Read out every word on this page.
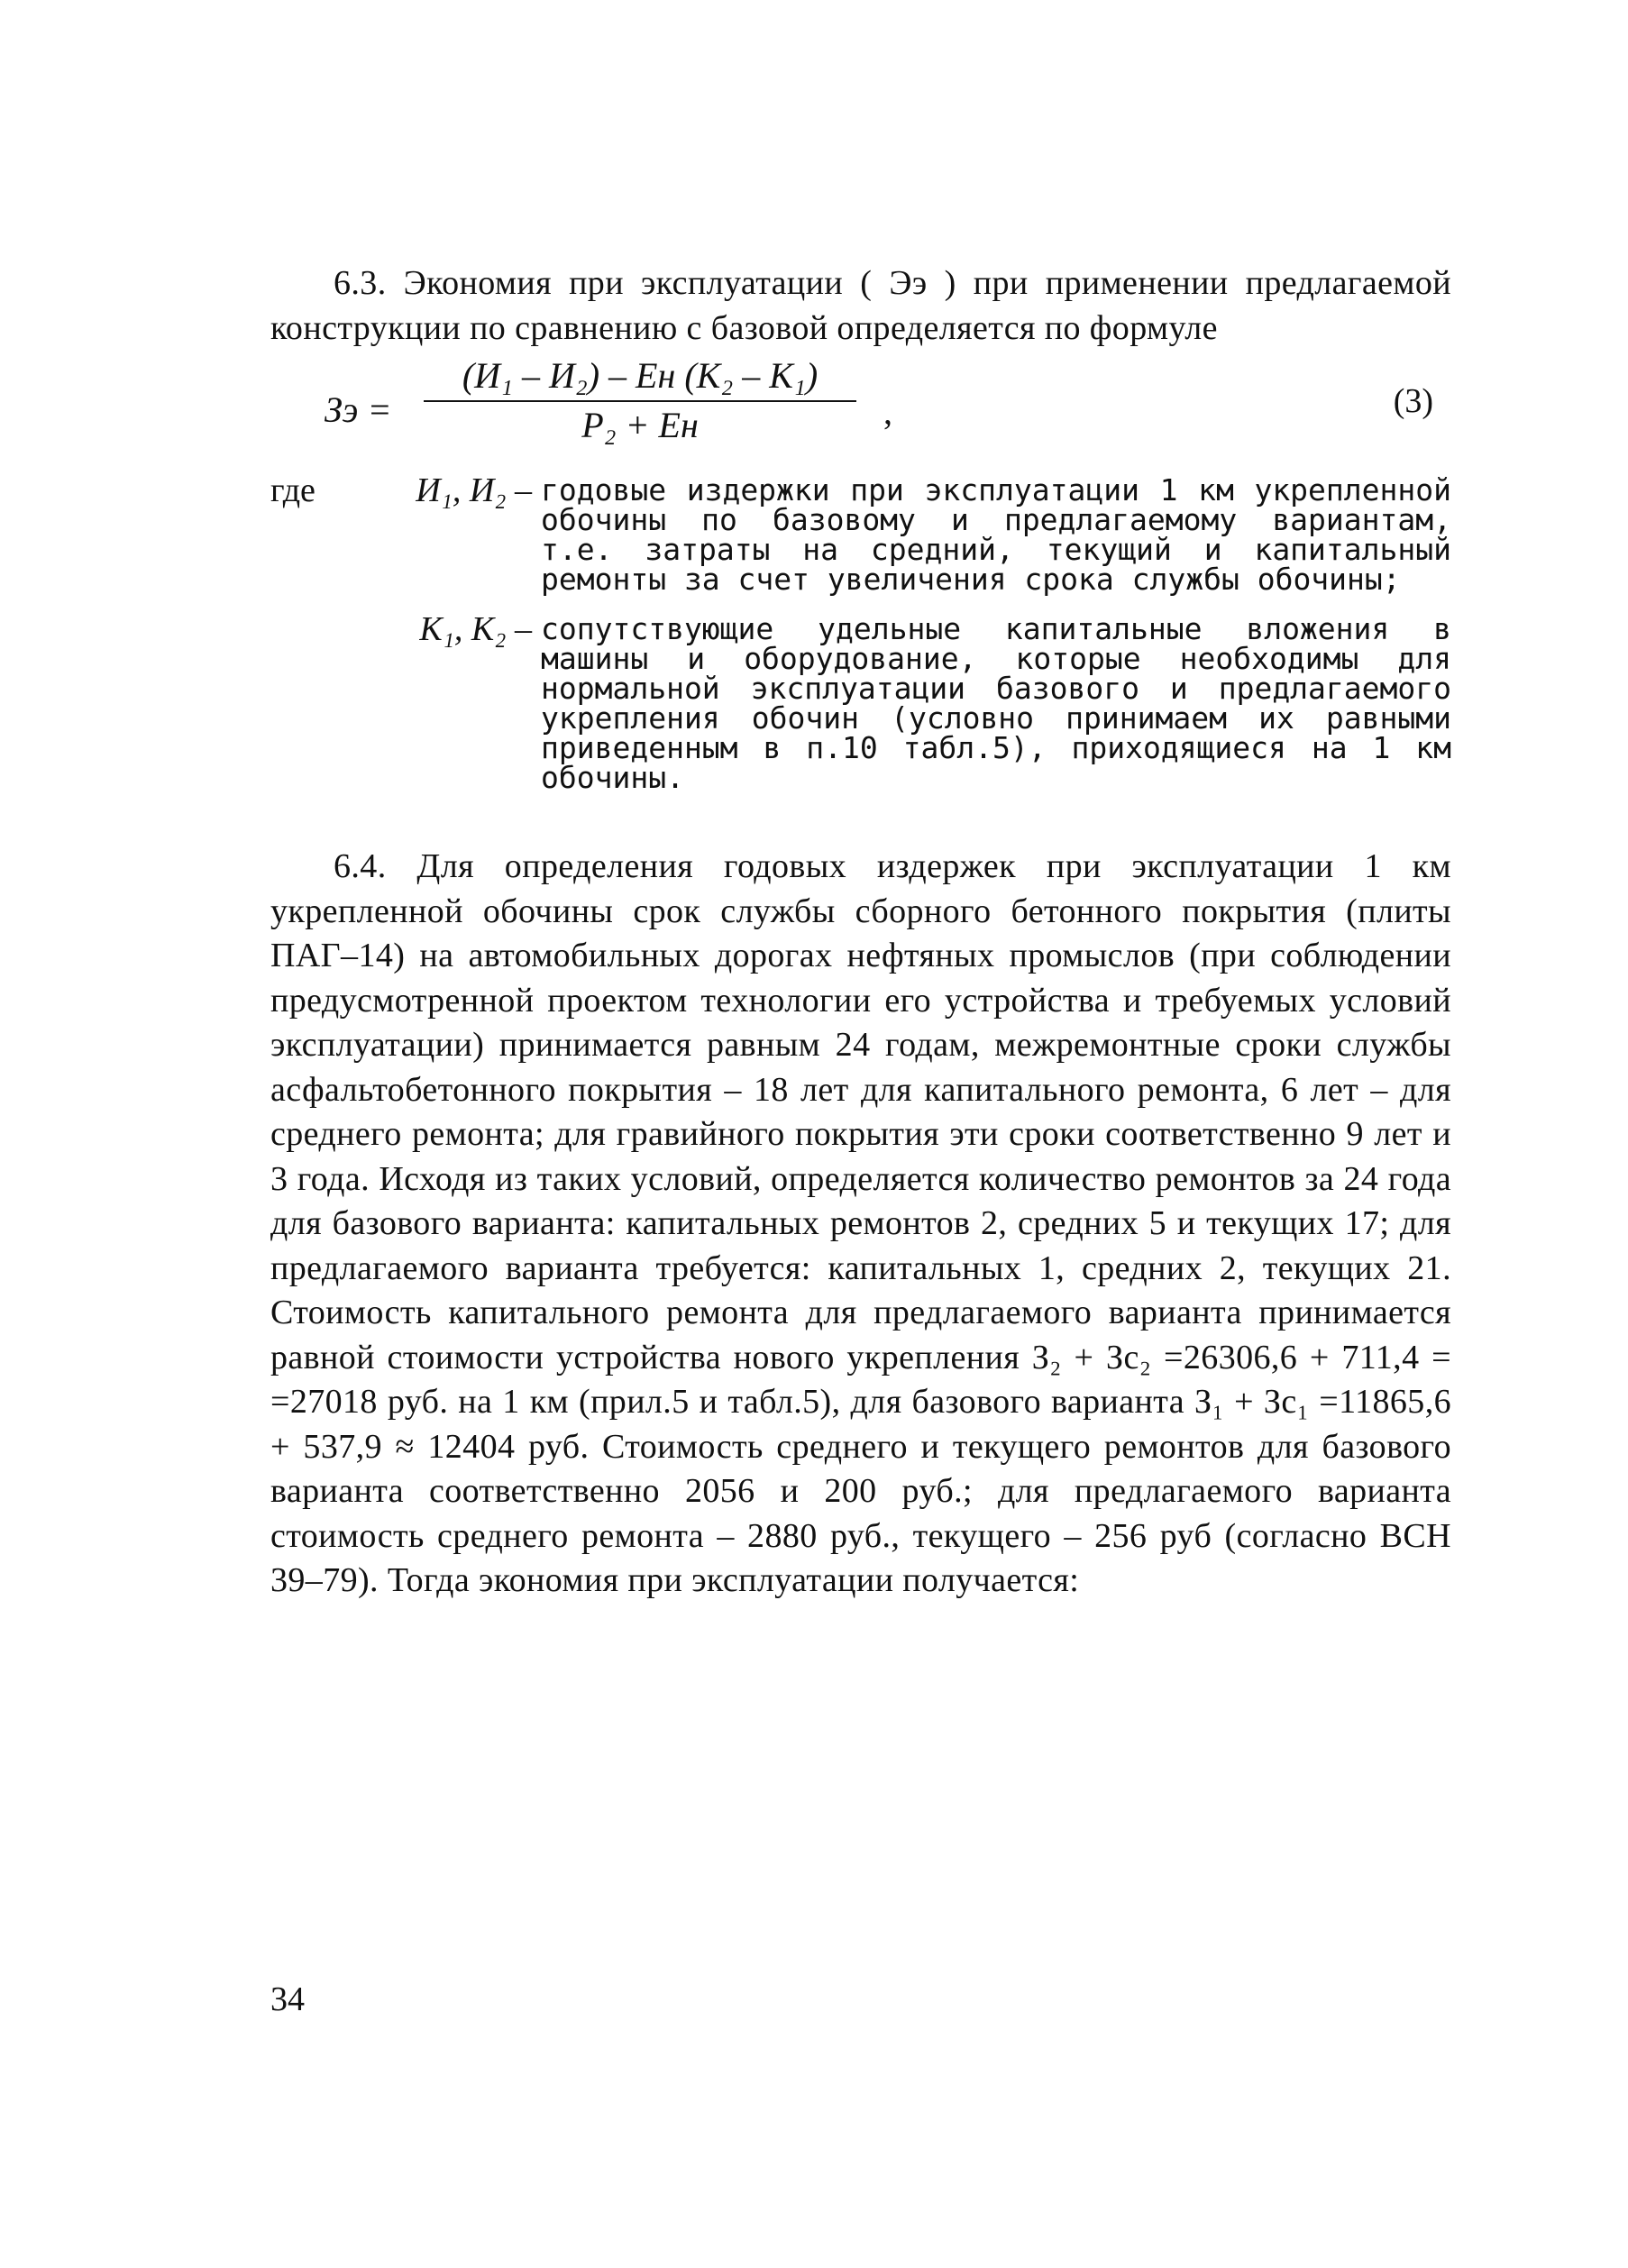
6.3. Экономия при эксплуатации ( Ээ ) при применении предлагаемой конструкции по сравнению с базовой определяется по формуле

Зэ =
(И₁ – И₂) – Eн (K₂ – K₁)
P₂ + Eн	,	(3)
где	И₁, И₂ – годовые издержки при эксплуатации 1 км укрепленной обочины по базовому и предлагаемому вариантам, т.е. затраты на средний, текущий и капитальный ремонты за счет увеличения срока службы обочины;
K₁, K₂ – сопутствующие удельные капитальные вложения в машины и оборудование, которые необходимы для нормальной эксплуатации базового и предлагаемого укрепления обочин (условно принимаем их равными приведенным в п.10 табл.5), приходящиеся на 1 км обочины.

6.4. Для определения годовых издержек при эксплуатации 1 км укрепленной обочины срок службы сборного бетонного покрытия (плиты ПАГ–14) на автомобильных дорогах нефтяных промыслов (при соблюдении предусмотренной проектом технологии его устройства и требуемых условий эксплуатации) принимается равным 24 годам, межремонтные сроки службы асфальтобетонного покрытия – 18 лет для капитального ремонта, 6 лет – для среднего ремонта; для гравийного покрытия эти сроки соответственно 9 лет и 3 года. Исходя из таких условий, определяется количество ремонтов за 24 года для базового варианта: капитальных ремонтов 2, средних 5 и текущих 17; для предлагаемого варианта требуется: капитальных 1, средних 2, текущих 21. Стоимость капитального ремонта для предлагаемого варианта принимается равной стоимости устройства нового укрепления З₂ + Зс₂ =26306,6 + 711,4 = =27018 руб. на 1 км (прил.5 и табл.5), для базового варианта З₁ + Зс₁ =11865,6 + 537,9 ≈ 12404 руб. Стоимость среднего и текущего ремонтов для базового варианта соответственно 2056 и 200 руб.; для предлагаемого варианта стоимость среднего ремонта – 2880 руб., текущего – 256 руб (согласно ВСН 39–79). Тогда экономия при эксплуатации получается:

34
